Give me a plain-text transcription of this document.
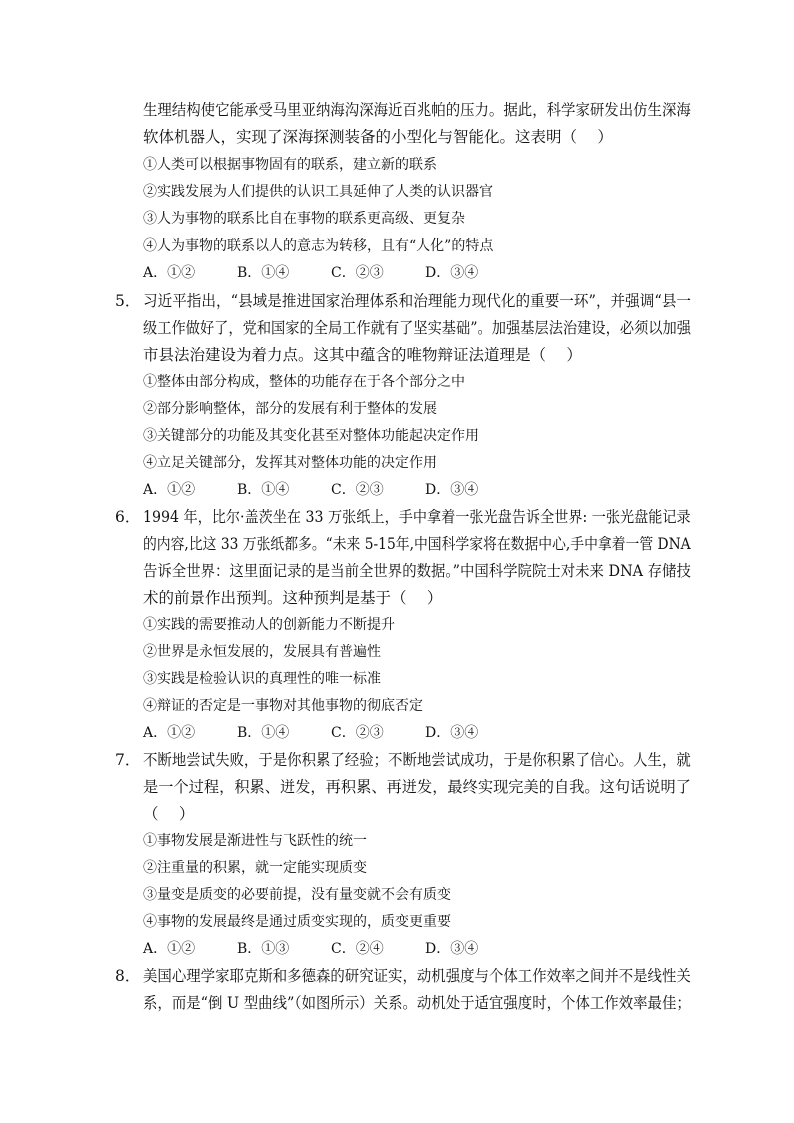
生理结构使它能承受马里亚纳海沟深海近百兆帕的压力。据此，科学家研发出仿生深海
软体机器人，实现了深海探测装备的小型化与智能化。这表明（　 ）
①人类可以根据事物固有的联系，建立新的联系
②实践发展为人们提供的认识工具延伸了人类的认识器官
③人为事物的联系比自在事物的联系更高级、更复杂
④人为事物的联系以人的意志为转移，且有“人化”的特点
A．①②	B．①④	C．②③	D．③④
5． 习近平指出，“县域是推进国家治理体系和治理能力现代化的重要一环”，并强调“县一
级工作做好了，党和国家的全局工作就有了坚实基础”。加强基层法治建设，必须以加强
市县法治建设为着力点。这其中蕴含的唯物辩证法道理是（　 ）
①整体由部分构成，整体的功能存在于各个部分之中
②部分影响整体，部分的发展有利于整体的发展
③关键部分的功能及其变化甚至对整体功能起决定作用
④立足关键部分，发挥其对整体功能的决定作用
A．①②	B．①④	C．②③	D．③④
6． 1994 年，比尔·盖茨坐在 33 万张纸上，手中拿着一张光盘告诉全世界: 一张光盘能记录
的内容,比这 33 万张纸都多。“未来 5-15年,中国科学家将在数据中心,手中拿着一管 DNA
告诉全世界：这里面记录的是当前全世界的数据。”中国科学院院士对未来 DNA 存储技
术的前景作出预判。这种预判是基于（　 ）
①实践的需要推动人的创新能力不断提升
②世界是永恒发展的，发展具有普遍性
③实践是检验认识的真理性的唯一标准
④辩证的否定是一事物对其他事物的彻底否定
A．①②	B．①④	C．②③	D．③④
7． 不断地尝试失败，于是你积累了经验；不断地尝试成功，于是你积累了信心。人生，就
是一个过程，积累、迸发，再积累、再迸发，最终实现完美的自我。这句话说明了
（　 ）
①事物发展是渐进性与飞跃性的统一
②注重量的积累，就一定能实现质变
③量变是质变的必要前提，没有量变就不会有质变
④事物的发展最终是通过质变实现的，质变更重要
A．①②	B．①③	C．②④	D．③④
8． 美国心理学家耶克斯和多德森的研究证实，动机强度与个体工作效率之间并不是线性关
系，而是“倒 U 型曲线”（如图所示）关系。动机处于适宜强度时，个体工作效率最佳；
